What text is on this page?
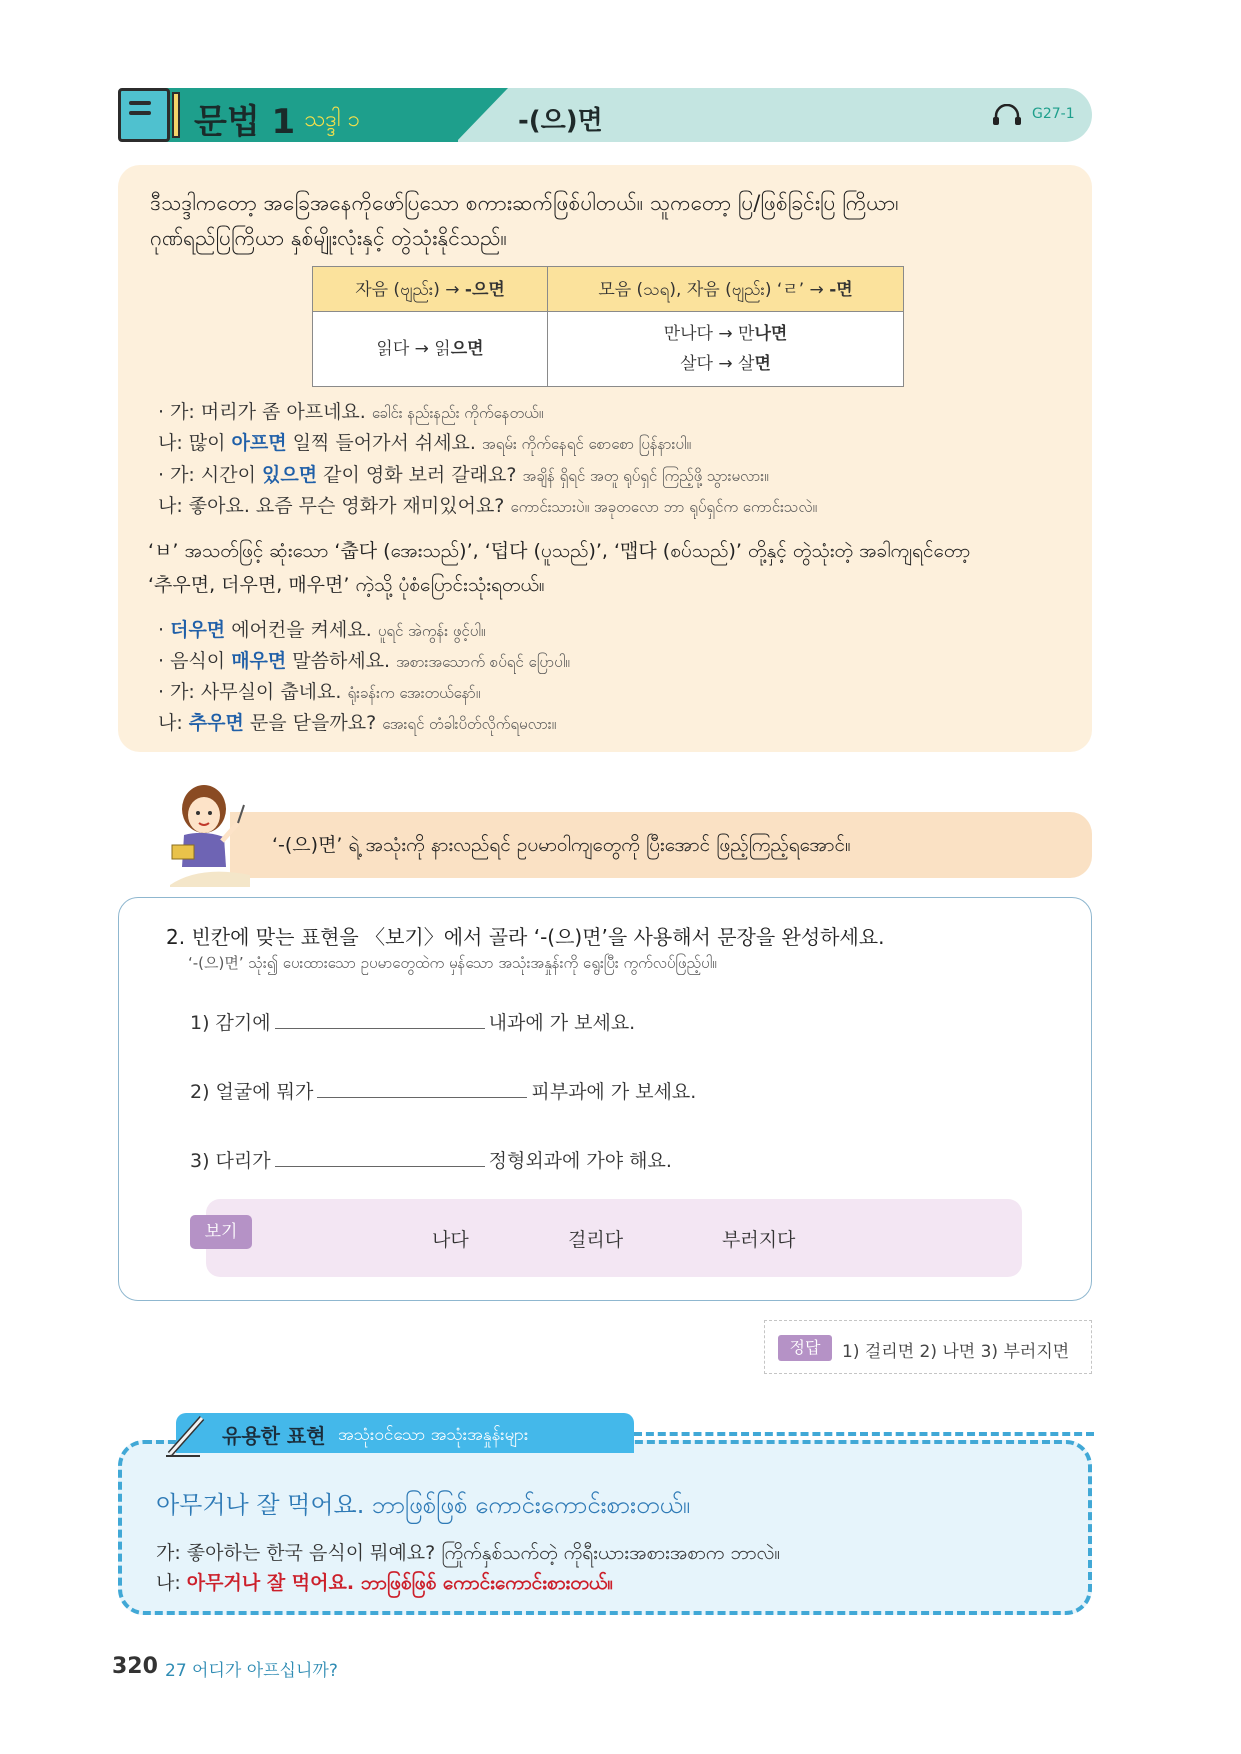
문법 1 သဒ္ဒါ ၁	-(으)면	G27-1
ဒီသဒ္ဒါကတော့ အခြေအနေကိုဖော်ပြသော စကားဆက်ဖြစ်ပါတယ်။ သူကတော့ ပြ/ဖြစ်ခြင်းပြ ကြိယာ၊
ဂုဏ်ရည်ပြကြိယာ နှစ်မျိုးလုံးနှင့် တွဲသုံးနိုင်သည်။
자음 (ဗျည်း) → -으면	모음 (သရ), 자음 (ဗျည်း) ‘ㄹ’ → -면
읽다 → 읽으면	만나다 → 만나면
살다 → 살면
· 가: 머리가 좀 아프네요. ခေါင်း နည်းနည်း ကိုက်နေတယ်။
나: 많이 아프면 일찍 들어가서 쉬세요. အရမ်း ကိုက်နေရင် စောစော ပြန်နားပါ။
· 가: 시간이 있으면 같이 영화 보러 갈래요? အချိန် ရှိရင် အတူ ရုပ်ရှင် ကြည့်ဖို့ သွားမလား။
나: 좋아요. 요즘 무슨 영화가 재미있어요? ကောင်းသားပဲ။ အခုတလော ဘာ ရုပ်ရှင်က ကောင်းသလဲ။
‘ㅂ’ အသတ်ဖြင့် ဆုံးသော ‘춥다 (အေးသည်)’, ‘덥다 (ပူသည်)’, ‘맵다 (စပ်သည်)’ တို့နှင့် တွဲသုံးတဲ့ အခါကျရင်တော့
‘추우면, 더우면, 매우면’ ကဲ့သို့ ပုံစံပြောင်းသုံးရတယ်။
· 더우면 에어컨을 켜세요. ပူရင် အဲကွန်း ဖွင့်ပါ။
· 음식이 매우면 말씀하세요. အစားအသောက် စပ်ရင် ပြောပါ။
· 가: 사무실이 춥네요. ရုံးခန်းက အေးတယ်နော်။
나: 추우면 문을 닫을까요? အေးရင် တံခါးပိတ်လိုက်ရမလား။
‘-(으)면’ ရဲ့ အသုံးကို နားလည်ရင် ဥပမာဝါကျတွေကို ပြီးအောင် ဖြည့်ကြည့်ရအောင်။
2. 빈칸에 맞는 표현을 〈보기〉에서 골라 ‘-(으)면’을 사용해서 문장을 완성하세요.
‘-(으)면’ သုံး၍ ပေးထားသော ဥပမာတွေထဲက မှန်သော အသုံးအနှုန်းကို ရွေးပြီး ကွက်လပ်ဖြည့်ပါ။
1) 감기에	내과에 가 보세요.
2) 얼굴에 뭐가	피부과에 가 보세요.
3) 다리가	정형외과에 가야 해요.
보기	나다	걸리다	부러지다
정답	1) 걸리면 2) 나면 3) 부러지면
유용한 표현 အသုံးဝင်သော အသုံးအနှုန်းများ
아무거나 잘 먹어요. ဘာဖြစ်ဖြစ် ကောင်းကောင်းစားတယ်။
가: 좋아하는 한국 음식이 뭐예요? ကြိုက်နှစ်သက်တဲ့ ကိုရီးယားအစားအစာက ဘာလဲ။
나: 아무거나 잘 먹어요. ဘာဖြစ်ဖြစ် ကောင်းကောင်းစားတယ်။
320 27 어디가 아프십니까?
